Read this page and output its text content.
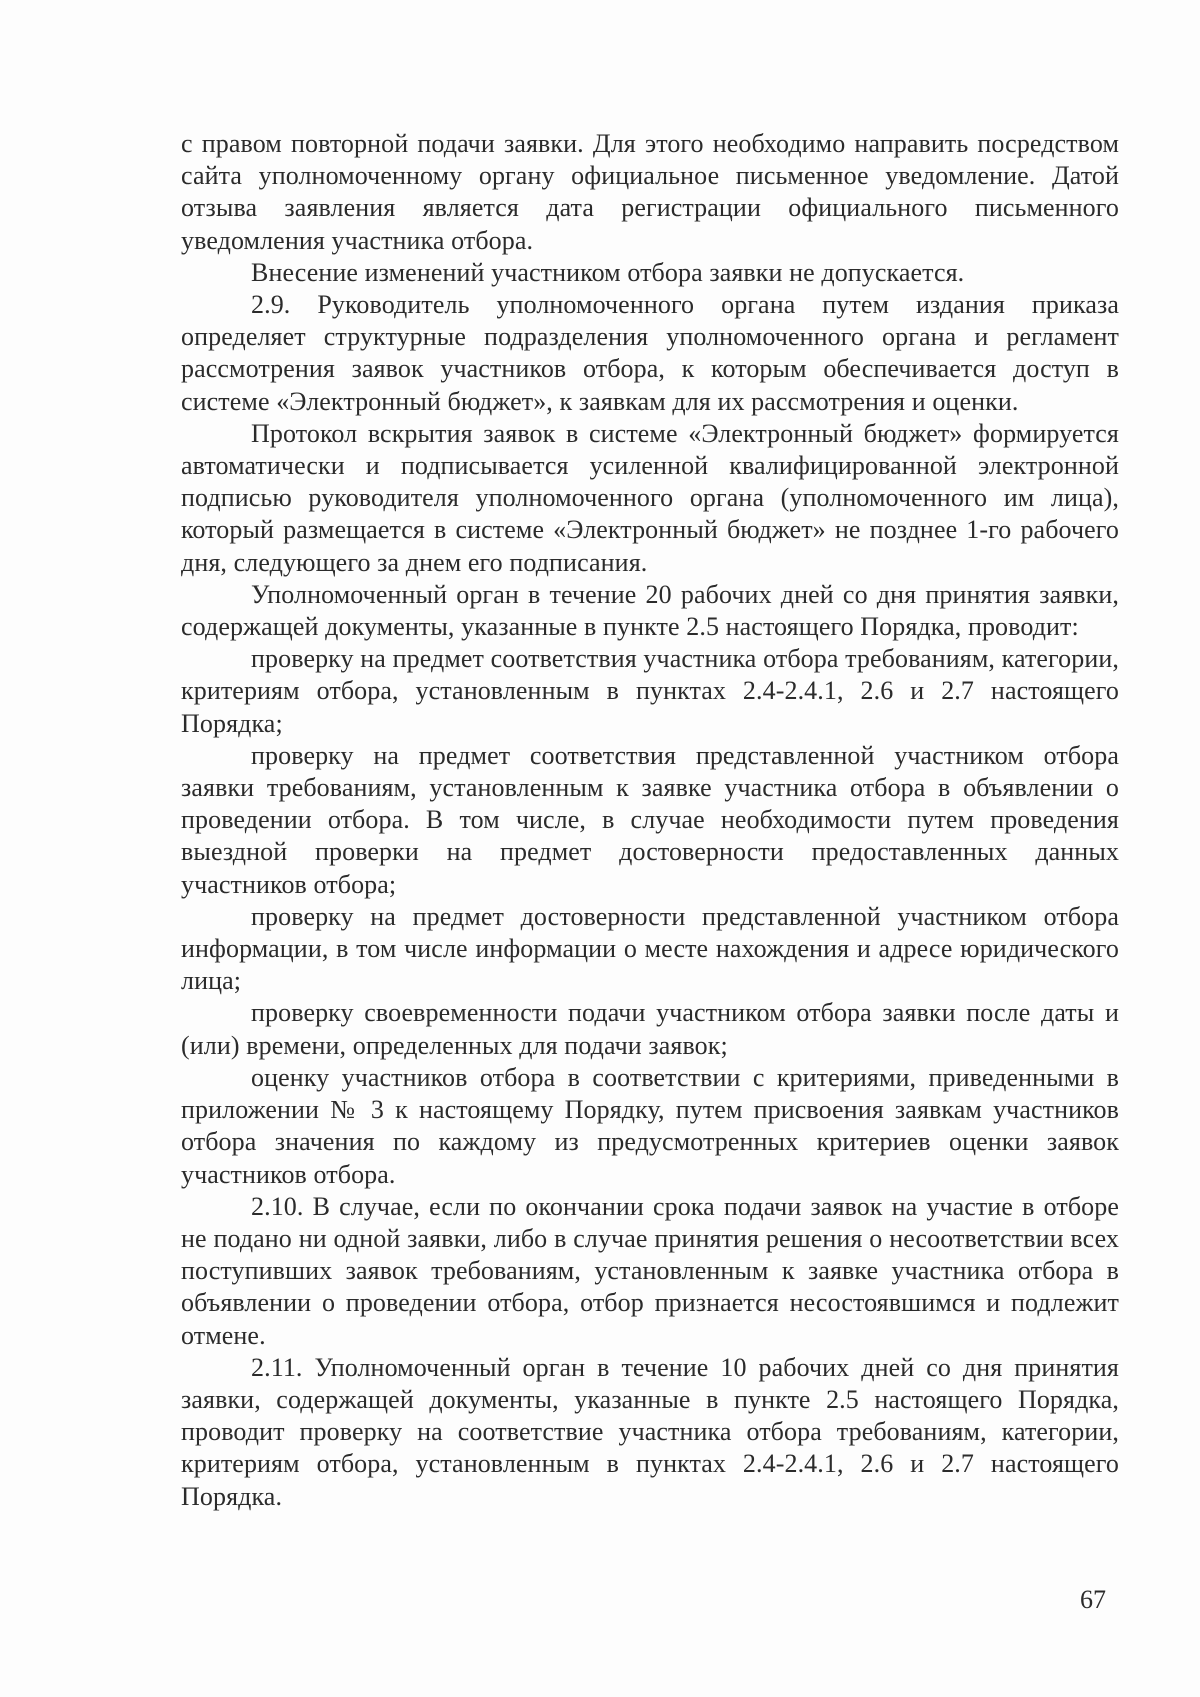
с правом повторной подачи заявки. Для этого необходимо направить посредством сайта уполномоченному органу официальное письменное уведомление. Датой отзыва заявления является дата регистрации официального письменного уведомления участника отбора.

Внесение изменений участником отбора заявки не допускается.

2.9. Руководитель уполномоченного органа путем издания приказа определяет структурные подразделения уполномоченного органа и регламент рассмотрения заявок участников отбора, к которым обеспечивается доступ в системе «Электронный бюджет», к заявкам для их рассмотрения и оценки.

Протокол вскрытия заявок в системе «Электронный бюджет» формируется автоматически и подписывается усиленной квалифицированной электронной подписью руководителя уполномоченного органа (уполномоченного им лица), который размещается в системе «Электронный бюджет» не позднее 1-го рабочего дня, следующего за днем его подписания.

Уполномоченный орган в течение 20 рабочих дней со дня принятия заявки, содержащей документы, указанные в пункте 2.5 настоящего Порядка, проводит:

проверку на предмет соответствия участника отбора требованиям, категории, критериям отбора, установленным в пунктах 2.4-2.4.1, 2.6 и 2.7 настоящего Порядка;

проверку на предмет соответствия представленной участником отбора заявки требованиям, установленным к заявке участника отбора в объявлении о проведении отбора. В том числе, в случае необходимости путем проведения выездной проверки на предмет достоверности предоставленных данных участников отбора;

проверку на предмет достоверности представленной участником отбора информации, в том числе информации о месте нахождения и адресе юридического лица;

проверку своевременности подачи участником отбора заявки после даты и (или) времени, определенных для подачи заявок;

оценку участников отбора в соответствии с критериями, приведенными в приложении № 3 к настоящему Порядку, путем присвоения заявкам участников отбора значения по каждому из предусмотренных критериев оценки заявок участников отбора.

2.10. В случае, если по окончании срока подачи заявок на участие в отборе не подано ни одной заявки, либо в случае принятия решения о несоответствии всех поступивших заявок требованиям, установленным к заявке участника отбора в объявлении о проведении отбора, отбор признается несостоявшимся и подлежит отмене.

2.11. Уполномоченный орган в течение 10 рабочих дней со дня принятия заявки, содержащей документы, указанные в пункте 2.5 настоящего Порядка, проводит проверку на соответствие участника отбора требованиям, категории, критериям отбора, установленным в пунктах 2.4-2.4.1, 2.6 и 2.7 настоящего Порядка.

67
